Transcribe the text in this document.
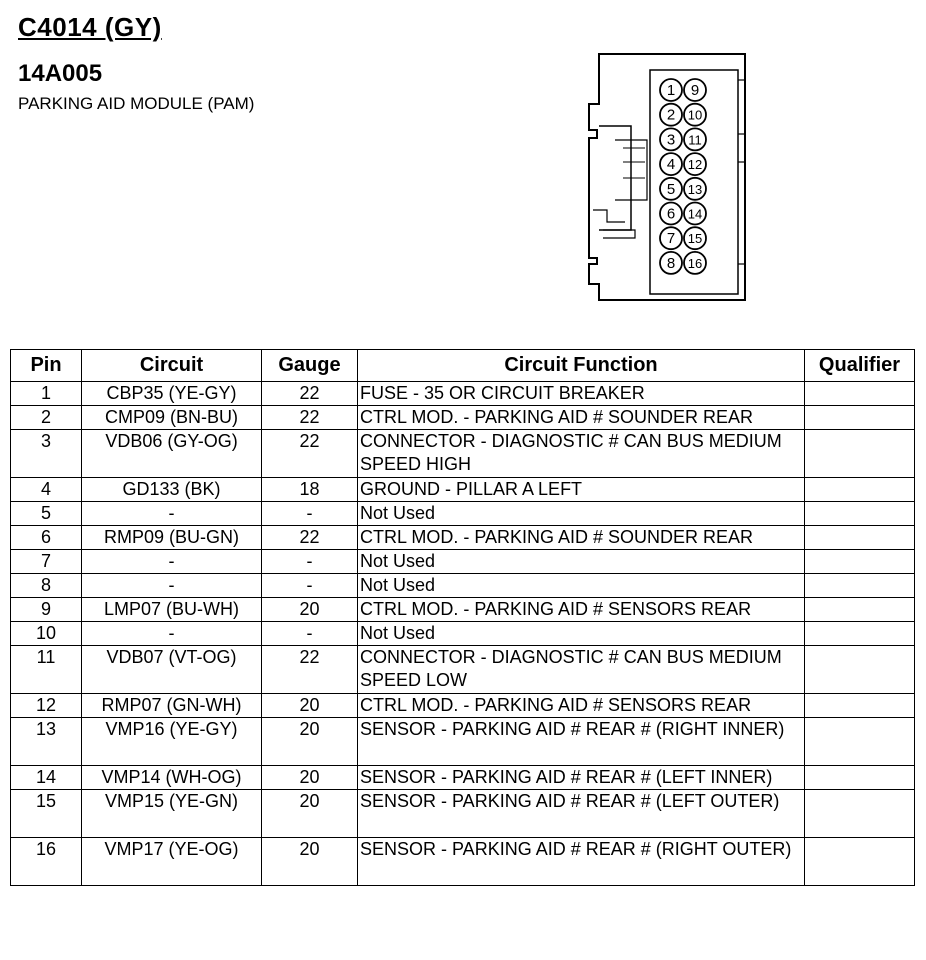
C4014 (GY)
14A005
PARKING AID MODULE (PAM)
1
2
3
4
5
6
7
8
9
10
11
12
13
14
15
16
Pin	Circuit	Gauge	Circuit Function	Qualifier
1	CBP35 (YE-GY)	22	FUSE - 35 OR CIRCUIT BREAKER	
2	CMP09 (BN-BU)	22	CTRL MOD. - PARKING AID # SOUNDER REAR	
3	VDB06 (GY-OG)	22	CONNECTOR - DIAGNOSTIC # CAN BUS MEDIUM SPEED HIGH	
4	GD133 (BK)	18	GROUND - PILLAR A LEFT	
5	-	-	Not Used	
6	RMP09 (BU-GN)	22	CTRL MOD. - PARKING AID # SOUNDER REAR	
7	-	-	Not Used	
8	-	-	Not Used	
9	LMP07 (BU-WH)	20	CTRL MOD. - PARKING AID # SENSORS REAR	
10	-	-	Not Used	
11	VDB07 (VT-OG)	22	CONNECTOR - DIAGNOSTIC # CAN BUS MEDIUM SPEED LOW	
12	RMP07 (GN-WH)	20	CTRL MOD. - PARKING AID # SENSORS REAR	
13	VMP16 (YE-GY)	20	SENSOR - PARKING AID # REAR # (RIGHT INNER)	
14	VMP14 (WH-OG)	20	SENSOR - PARKING AID # REAR # (LEFT INNER)	
15	VMP15 (YE-GN)	20	SENSOR - PARKING AID # REAR # (LEFT OUTER)	
16	VMP17 (YE-OG)	20	SENSOR - PARKING AID # REAR # (RIGHT OUTER)	
